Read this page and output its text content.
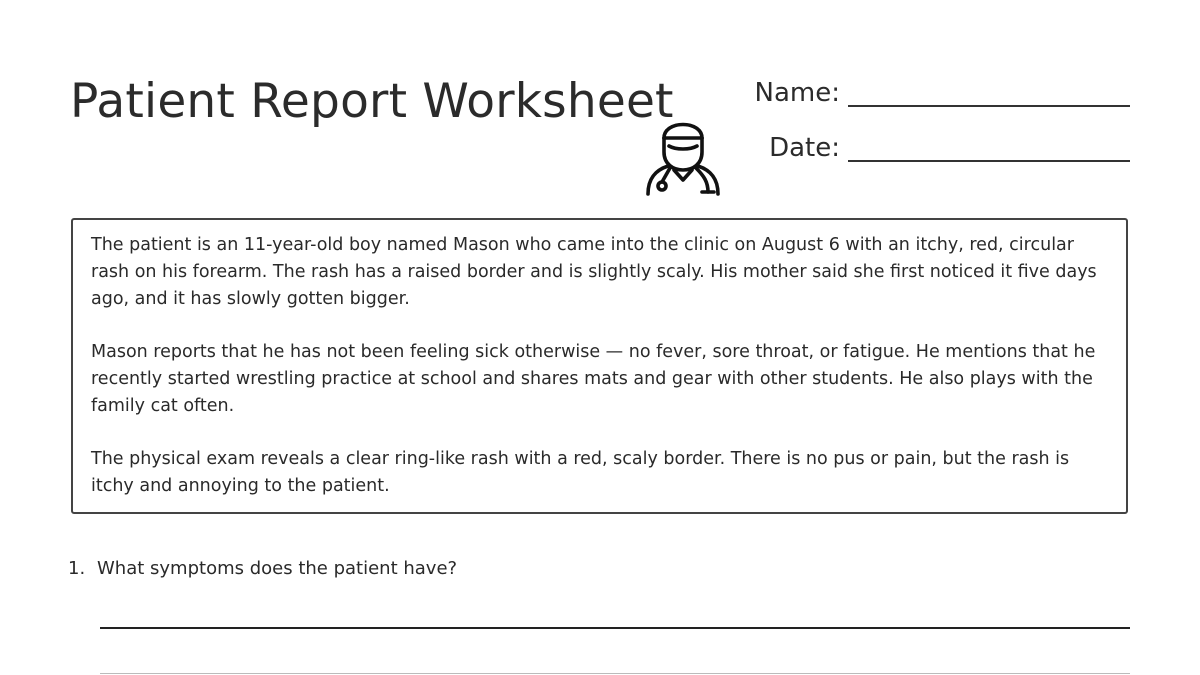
Patient Report Worksheet	Name:
Date:

The patient is an 11-year-old boy named Mason who came into the clinic on August 6 with an itchy, red, circular rash on his forearm. The rash has a raised border and is slightly scaly. His mother said she first noticed it five days ago, and it has slowly gotten bigger.

Mason reports that he has not been feeling sick otherwise — no fever, sore throat, or fatigue. He mentions that he recently started wrestling practice at school and shares mats and gear with other students. He also plays with the family cat often.

The physical exam reveals a clear ring-like rash with a red, scaly border. There is no pus or pain, but the rash is itchy and annoying to the patient.

1. What symptoms does the patient have?
